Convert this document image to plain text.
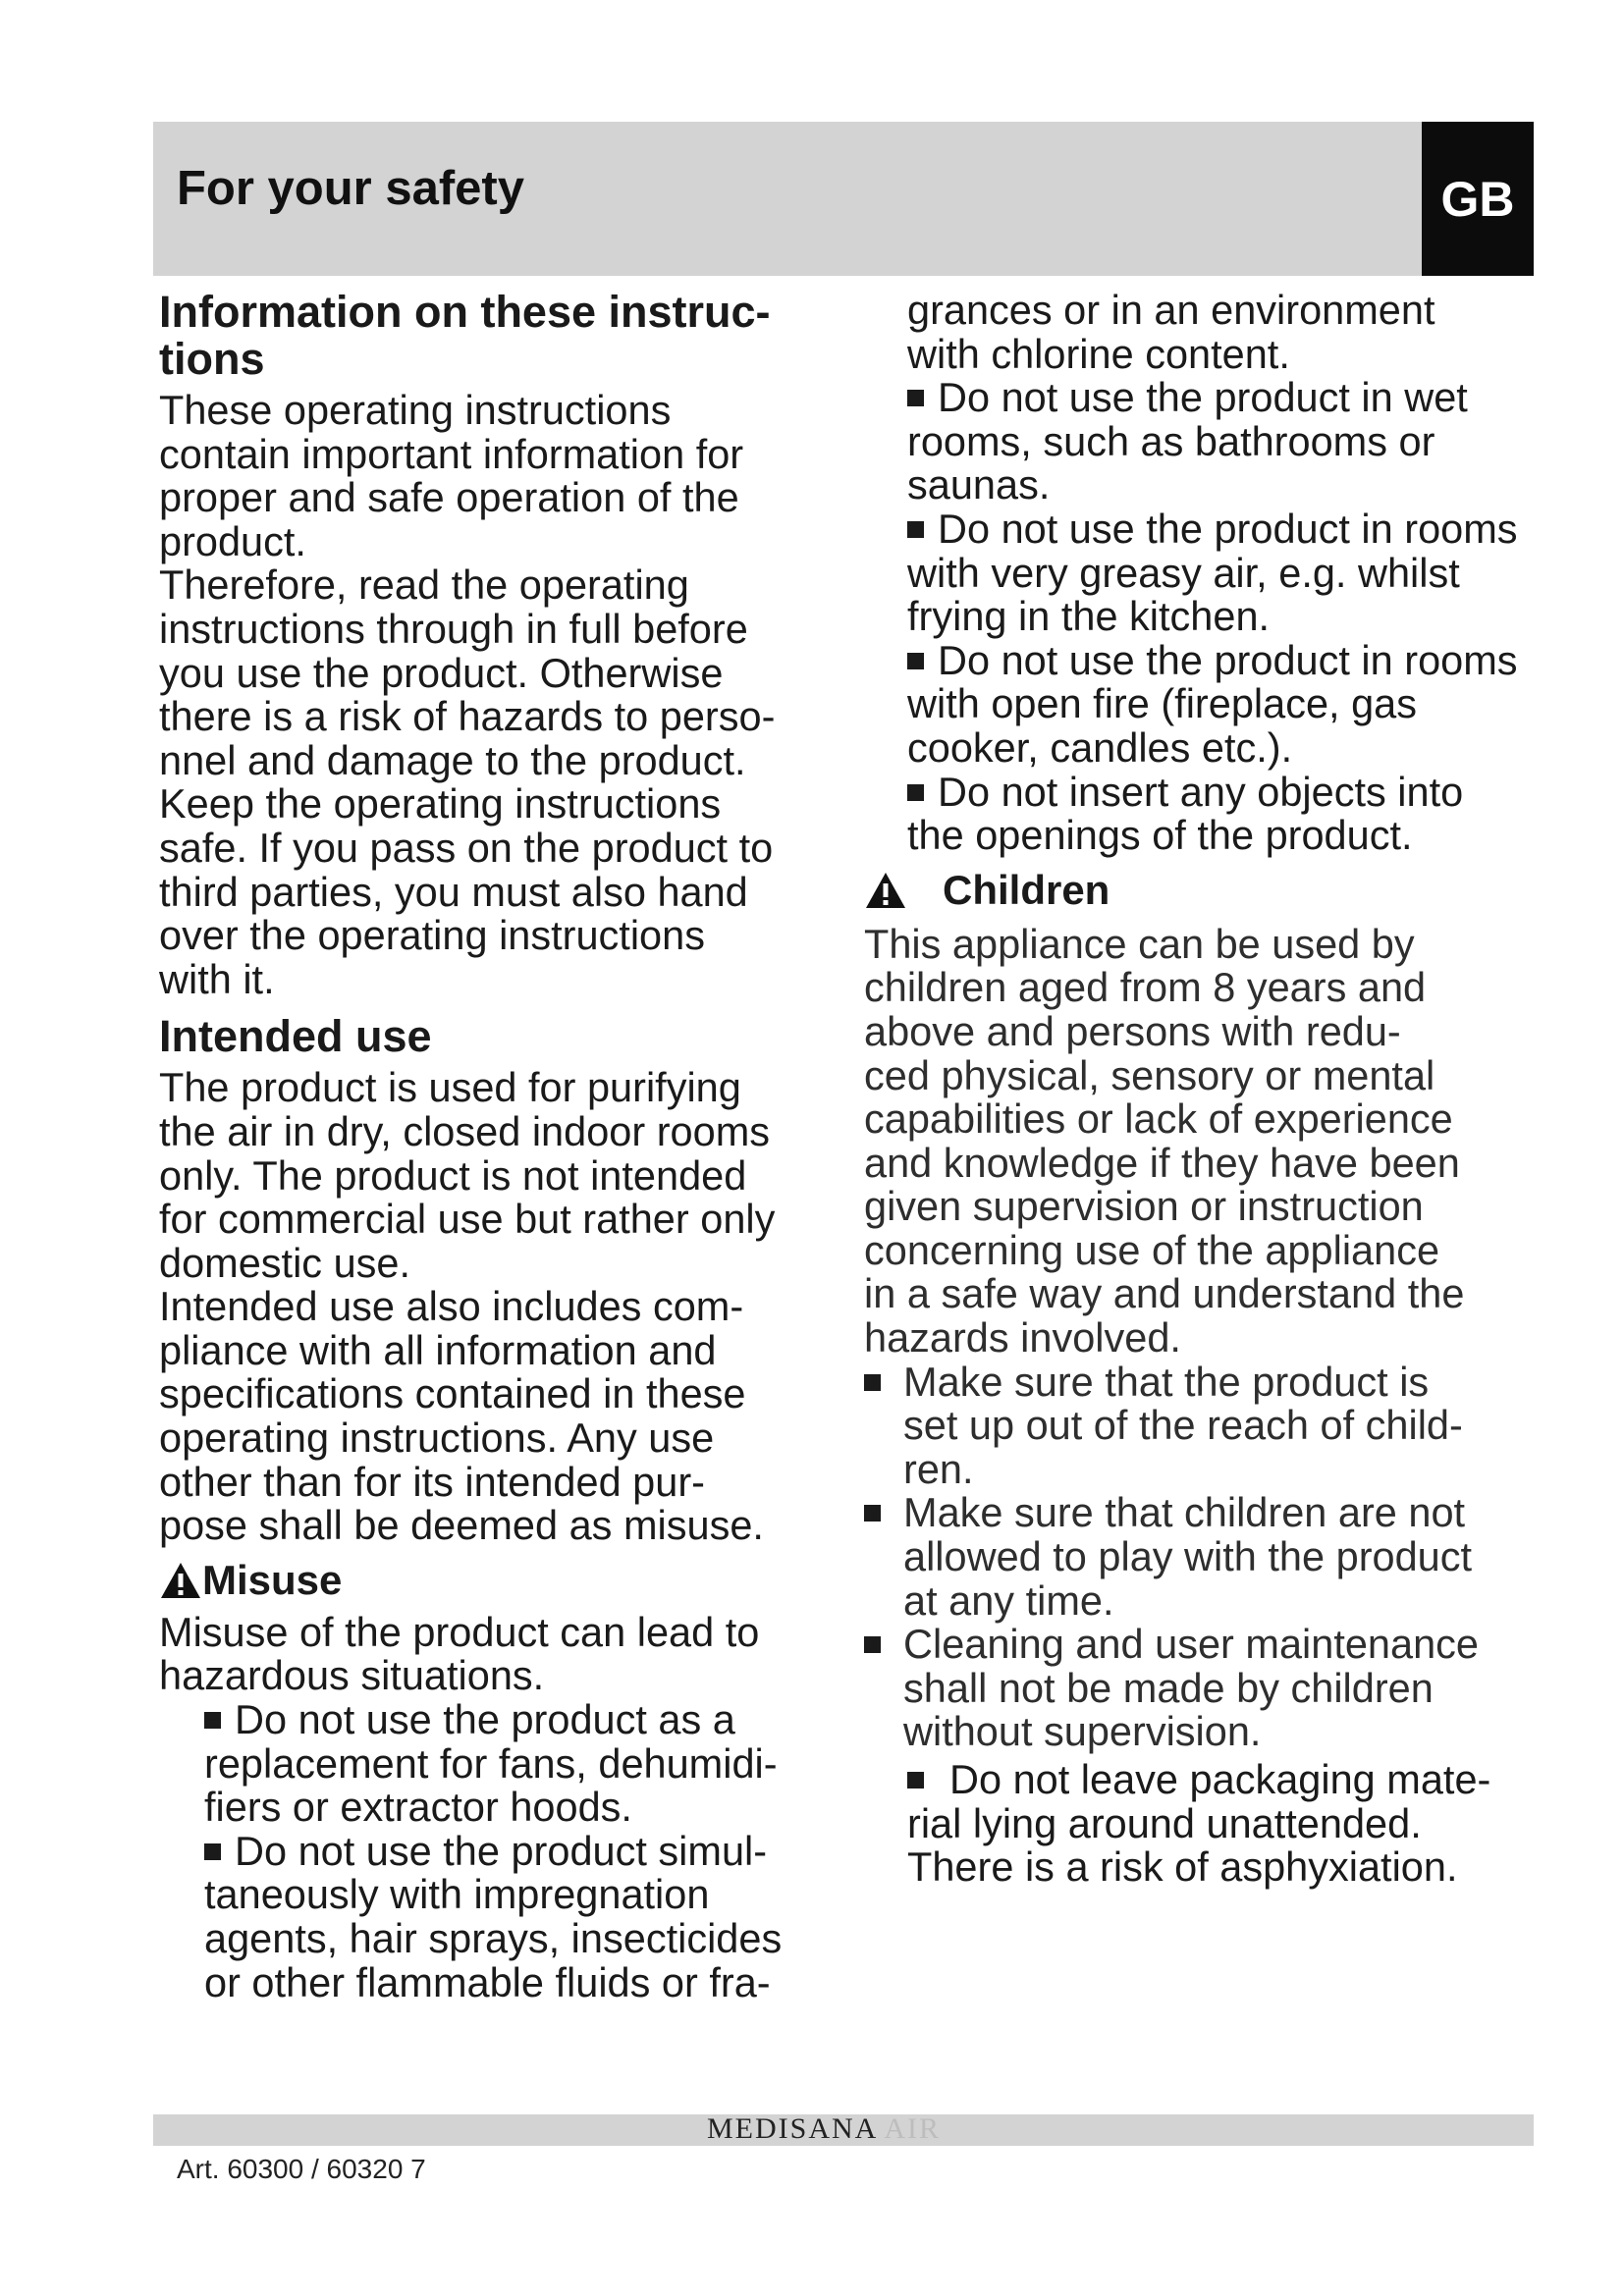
For your safety	GB
Information on these instruc-
tions

These operating instructions
contain important information for
proper and safe operation of the
product.
Therefore, read the operating
instructions through in full before
you use the product. Otherwise
there is a risk of hazards to perso-
nnel and damage to the product.
Keep the operating instructions
safe. If you pass on the product to
third parties, you must also hand
over the operating instructions
with it.

Intended use

The product is used for purifying
the air in dry, closed indoor rooms
only. The product is not intended
for commercial use but rather only
domestic use.
Intended use also includes com-
pliance with all information and
specifications contained in these
operating instructions. Any use
other than for its intended pur-
pose shall be deemed as misuse.

Misuse

Misuse of the product can lead to
hazardous situations.

Do not use the product as a
replacement for fans, dehumidi-
fiers or extractor hoods.
Do not use the product simul-
taneously with impregnation
agents, hair sprays, insecticides
or other flammable fluids or fra-
grances or in an environment
with chlorine content.
Do not use the product in wet
rooms, such as bathrooms or
saunas.
Do not use the product in rooms
with very greasy air, e.g. whilst
frying in the kitchen.
Do not use the product in rooms
with open fire (fireplace, gas
cooker, candles etc.).
Do not insert any objects into
the openings of the product.
Children

This appliance can be used by
children aged from 8 years and
above and persons with redu-
ced physical, sensory or mental
capabilities or lack of experience
and knowledge if they have been
given supervision or instruction
concerning use of the appliance
in a safe way and understand the
hazards involved.

Make sure that the product is
set up out of the reach of child-
ren.
Make sure that children are not
allowed to play with the product
at any time.
Cleaning and user maintenance
shall not be made by children
without supervision.
Do not leave packaging mate-
rial lying around unattended.
There is a risk of asphyxiation.
MEDISANA AIR
Art. 60300 / 60320 7
